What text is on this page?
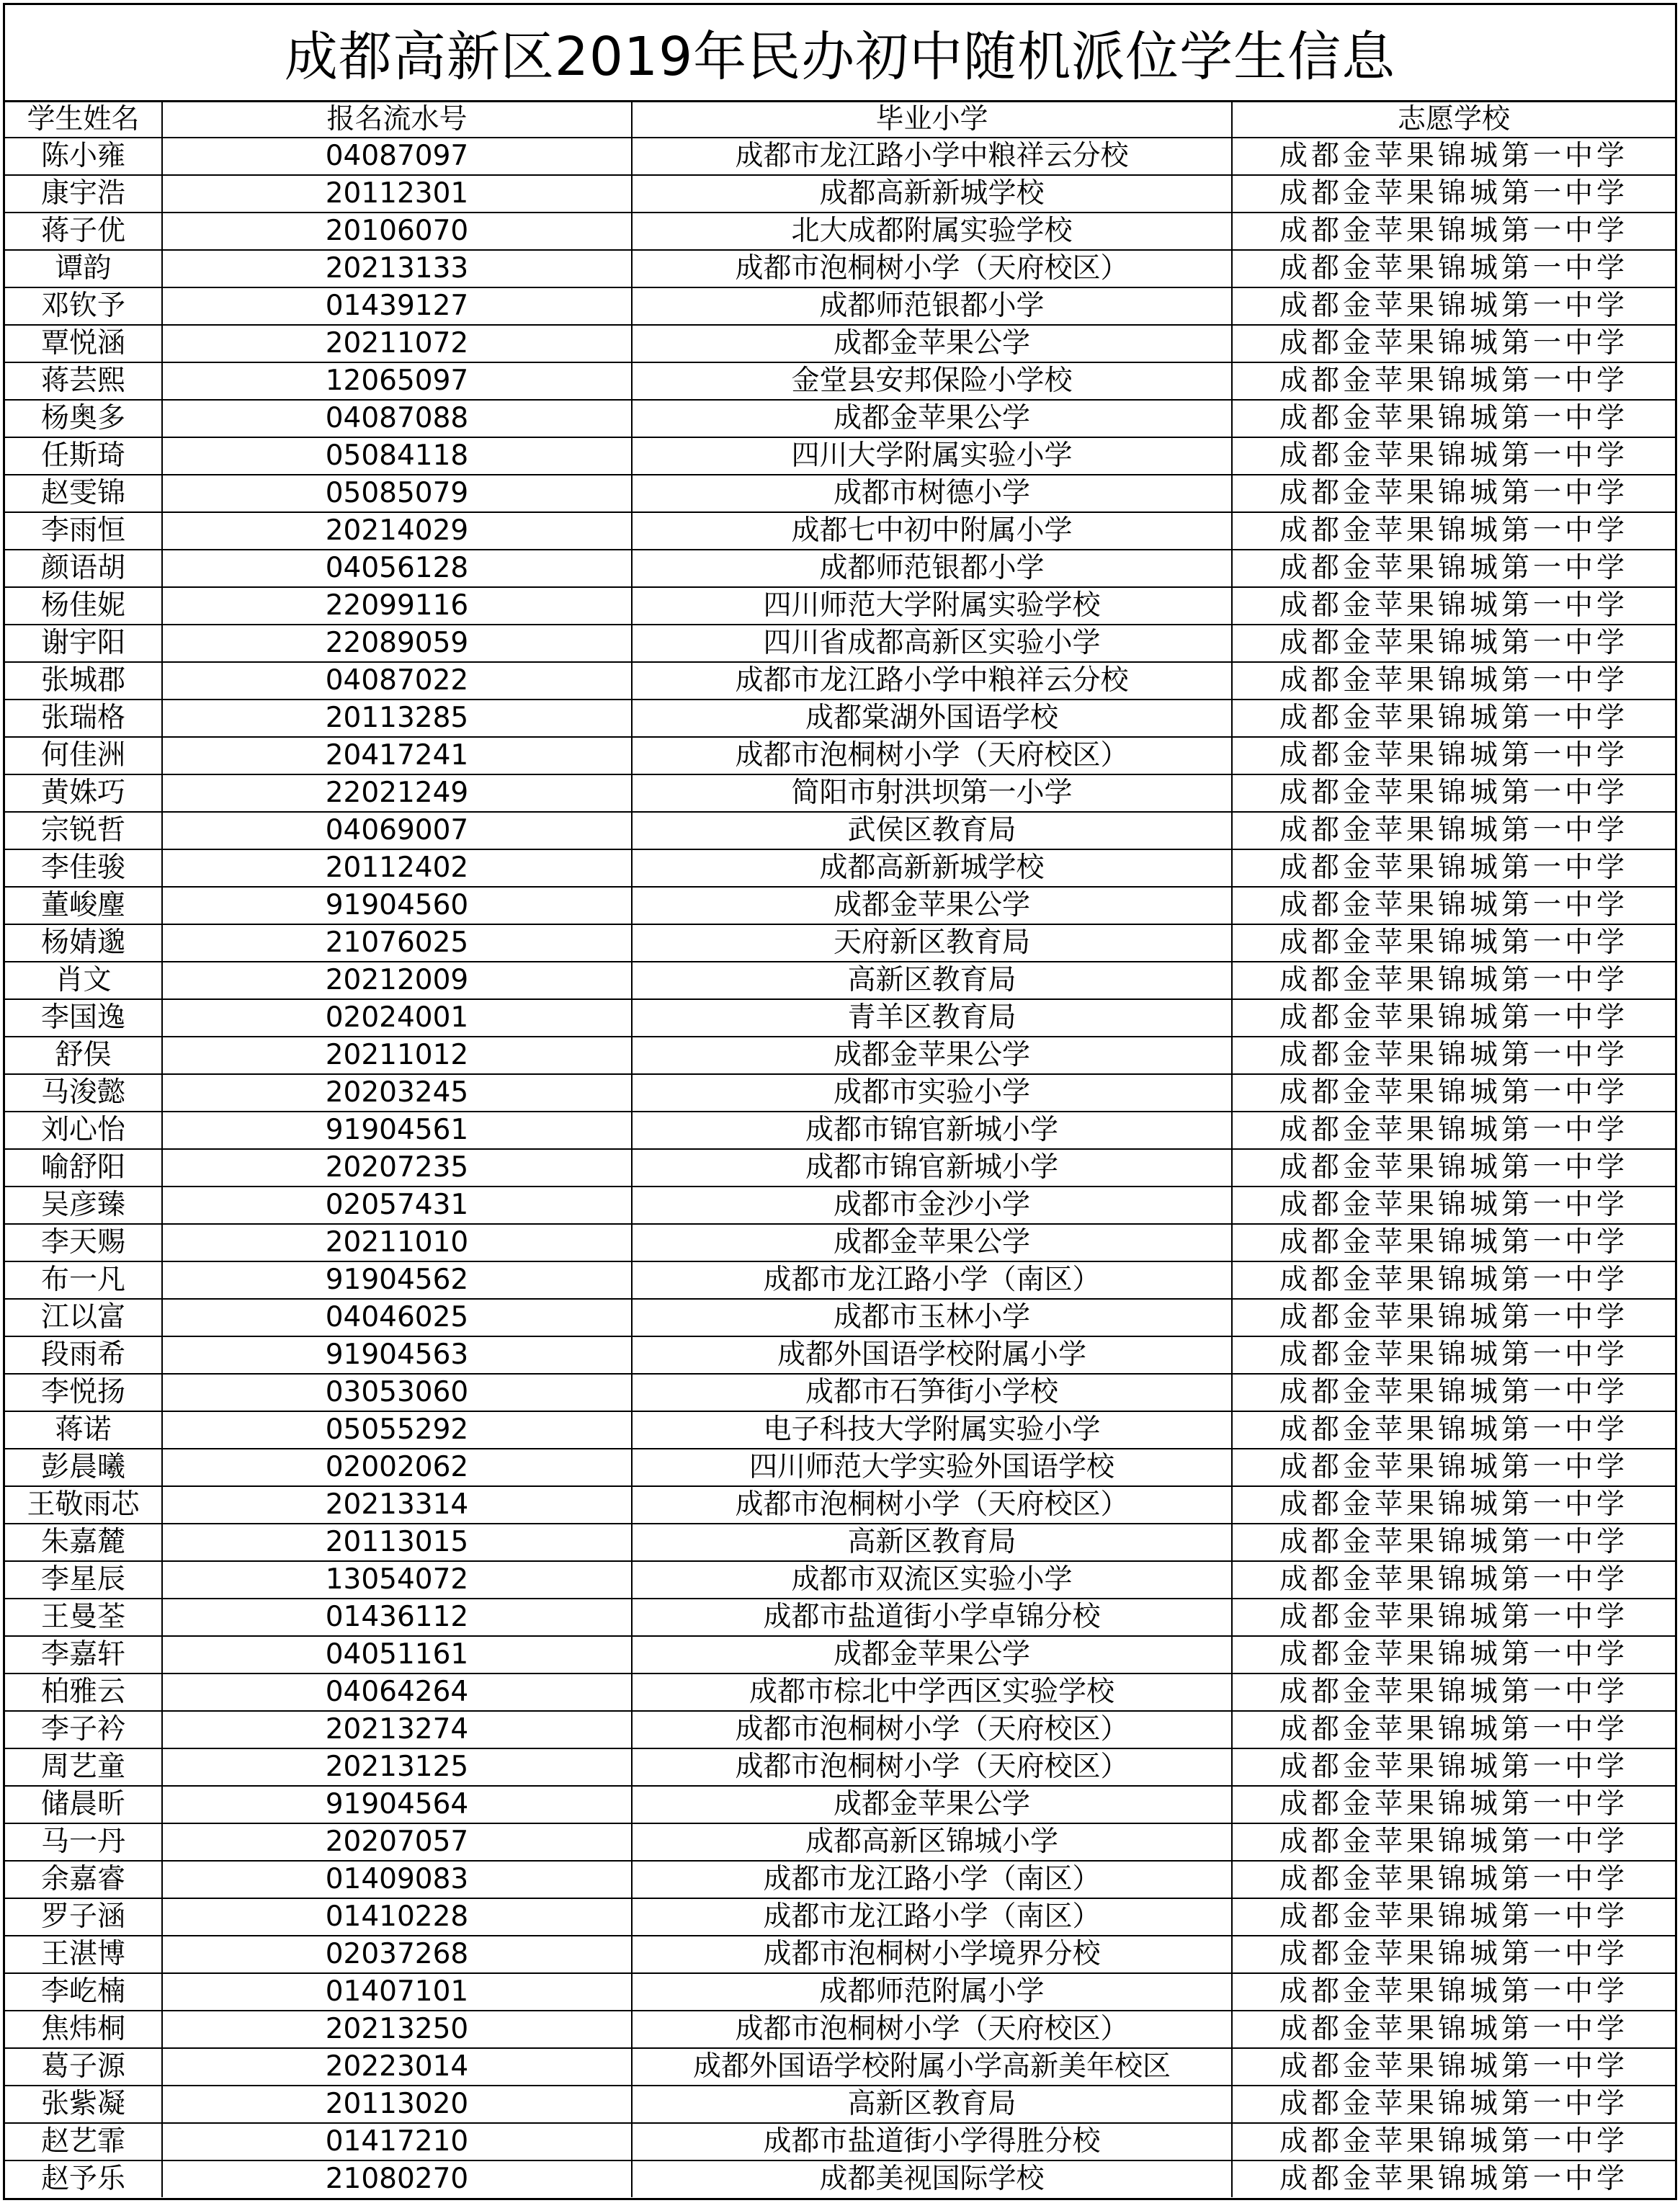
成都高新区2019年民办初中随机派位学生信息
学生姓名	报名流水号	毕业小学	志愿学校
陈小雍	04087097	成都市龙江路小学中粮祥云分校	成都金苹果锦城第一中学
康宇浩	20112301	成都高新新城学校	成都金苹果锦城第一中学
蒋子优	20106070	北大成都附属实验学校	成都金苹果锦城第一中学
谭韵	20213133	成都市泡桐树小学（天府校区）	成都金苹果锦城第一中学
邓钦予	01439127	成都师范银都小学	成都金苹果锦城第一中学
覃悦涵	20211072	成都金苹果公学	成都金苹果锦城第一中学
蒋芸熙	12065097	金堂县安邦保险小学校	成都金苹果锦城第一中学
杨奥多	04087088	成都金苹果公学	成都金苹果锦城第一中学
任斯琦	05084118	四川大学附属实验小学	成都金苹果锦城第一中学
赵雯锦	05085079	成都市树德小学	成都金苹果锦城第一中学
李雨恒	20214029	成都七中初中附属小学	成都金苹果锦城第一中学
颜语胡	04056128	成都师范银都小学	成都金苹果锦城第一中学
杨佳妮	22099116	四川师范大学附属实验学校	成都金苹果锦城第一中学
谢宇阳	22089059	四川省成都高新区实验小学	成都金苹果锦城第一中学
张城郡	04087022	成都市龙江路小学中粮祥云分校	成都金苹果锦城第一中学
张瑞格	20113285	成都棠湖外国语学校	成都金苹果锦城第一中学
何佳洲	20417241	成都市泡桐树小学（天府校区）	成都金苹果锦城第一中学
黄姝巧	22021249	简阳市射洪坝第一小学	成都金苹果锦城第一中学
宗锐哲	04069007	武侯区教育局	成都金苹果锦城第一中学
李佳骏	20112402	成都高新新城学校	成都金苹果锦城第一中学
董峻麈	91904560	成都金苹果公学	成都金苹果锦城第一中学
杨婧邈	21076025	天府新区教育局	成都金苹果锦城第一中学
肖文	20212009	高新区教育局	成都金苹果锦城第一中学
李国逸	02024001	青羊区教育局	成都金苹果锦城第一中学
舒俣	20211012	成都金苹果公学	成都金苹果锦城第一中学
马浚懿	20203245	成都市实验小学	成都金苹果锦城第一中学
刘心怡	91904561	成都市锦官新城小学	成都金苹果锦城第一中学
喻舒阳	20207235	成都市锦官新城小学	成都金苹果锦城第一中学
吴彦臻	02057431	成都市金沙小学	成都金苹果锦城第一中学
李天赐	20211010	成都金苹果公学	成都金苹果锦城第一中学
布一凡	91904562	成都市龙江路小学（南区）	成都金苹果锦城第一中学
江以富	04046025	成都市玉林小学	成都金苹果锦城第一中学
段雨希	91904563	成都外国语学校附属小学	成都金苹果锦城第一中学
李悦扬	03053060	成都市石笋街小学校	成都金苹果锦城第一中学
蒋诺	05055292	电子科技大学附属实验小学	成都金苹果锦城第一中学
彭晨曦	02002062	四川师范大学实验外国语学校	成都金苹果锦城第一中学
王敬雨芯	20213314	成都市泡桐树小学（天府校区）	成都金苹果锦城第一中学
朱嘉麓	20113015	高新区教育局	成都金苹果锦城第一中学
李星辰	13054072	成都市双流区实验小学	成都金苹果锦城第一中学
王曼荃	01436112	成都市盐道街小学卓锦分校	成都金苹果锦城第一中学
李嘉轩	04051161	成都金苹果公学	成都金苹果锦城第一中学
柏雅云	04064264	成都市棕北中学西区实验学校	成都金苹果锦城第一中学
李子衿	20213274	成都市泡桐树小学（天府校区）	成都金苹果锦城第一中学
周艺童	20213125	成都市泡桐树小学（天府校区）	成都金苹果锦城第一中学
储晨昕	91904564	成都金苹果公学	成都金苹果锦城第一中学
马一丹	20207057	成都高新区锦城小学	成都金苹果锦城第一中学
余嘉睿	01409083	成都市龙江路小学（南区）	成都金苹果锦城第一中学
罗子涵	01410228	成都市龙江路小学（南区）	成都金苹果锦城第一中学
王湛博	02037268	成都市泡桐树小学境界分校	成都金苹果锦城第一中学
李屹楠	01407101	成都师范附属小学	成都金苹果锦城第一中学
焦炜桐	20213250	成都市泡桐树小学（天府校区）	成都金苹果锦城第一中学
葛子源	20223014	成都外国语学校附属小学高新美年校区	成都金苹果锦城第一中学
张紫凝	20113020	高新区教育局	成都金苹果锦城第一中学
赵艺霏	01417210	成都市盐道街小学得胜分校	成都金苹果锦城第一中学
赵予乐	21080270	成都美视国际学校	成都金苹果锦城第一中学
